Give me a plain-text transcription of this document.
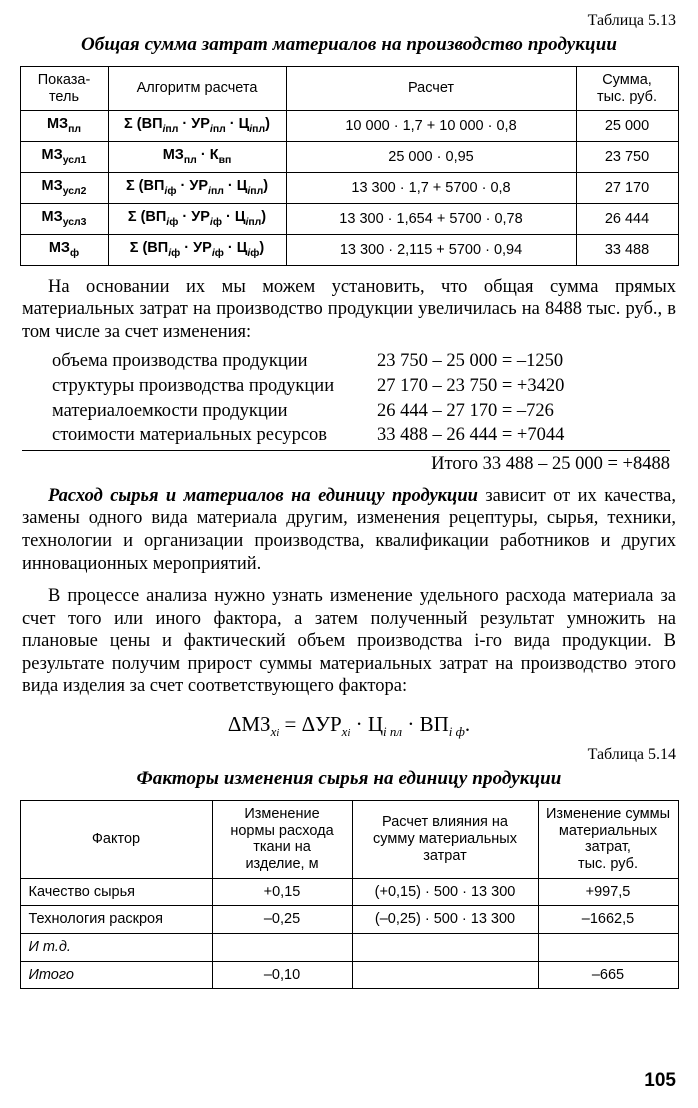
Таблица 5.13
Общая сумма затрат материалов на производство продукции
Показа-
тель	Алгоритм расчета	Расчет	Сумма,
тыс. руб.
$МЗ_{пл}$	Σ $(ВП_{iпл} \cdot УР_{iпл} \cdot Ц_{iпл})$	10 000 · 1,7 + 10 000 · 0,8	25 000
$МЗ_{усл1}$	$МЗ_{пл} \cdot К_{вп}$	25 000 · 0,95	23 750
$МЗ_{усл2}$	Σ $(ВП_{iф} \cdot УР_{iпл} \cdot Ц_{iпл})$	13 300 · 1,7 + 5700 · 0,8	27 170
$МЗ_{усл3}$	Σ $(ВП_{iф} \cdot УР_{iф} \cdot Ц_{iпл})$	13 300 · 1,654 + 5700 · 0,78	26 444
$МЗ_ф$	Σ $(ВП_{iф} \cdot УР_{iф} \cdot Ц_{iф})$	13 300 · 2,115 + 5700 · 0,94	33 488

На основании их мы можем установить, что общая сумма прямых материальных затрат на производство продукции увеличилась на 8488 тыс. руб., в том числе за счет изменения:

объема производства продукции	23 750 – 25 000 = –1250
структуры производства продукции	27 170 – 23 750 = +3420
материалоемкости продукции	26 444 – 27 170 = –726
стоимости материальных ресурсов	33 488 – 26 444 = +7044
Итого 33 488 – 25 000 = +8488

Расход сырья и материалов на единицу продукции зависит от их качества, замены одного вида материала другим, изменения рецептуры, сырья, техники, технологии и организации производства, квалификации работников и других инновационных мероприятий.

В процессе анализа нужно узнать изменение удельного расхода материала за счет того или иного фактора, а затем полученный результат умножить на плановые цены и фактический объем производства i-го вида продукции. В результате получим прирост суммы материальных затрат на производство этого вида изделия за счет соответствующего фактора:

$\Delta МЗ_{xi} = \Delta УР_{xi} \cdot Ц_{i пл} \cdot ВП_{i ф}$.
Таблица 5.14
Факторы изменения сырья на единицу продукции
Фактор	Изменение
нормы расхода
ткани на
изделие, м	Расчет влияния на
сумму материальных
затрат	Изменение суммы
материальных
затрат,
тыс. руб.
Качество сырья	+0,15	(+0,15) · 500 · 13 300	+997,5
Технология раскроя	–0,25	(–0,25) · 500 · 13 300	–1662,5
И т.д.			
Итого	–0,10		–665
105
